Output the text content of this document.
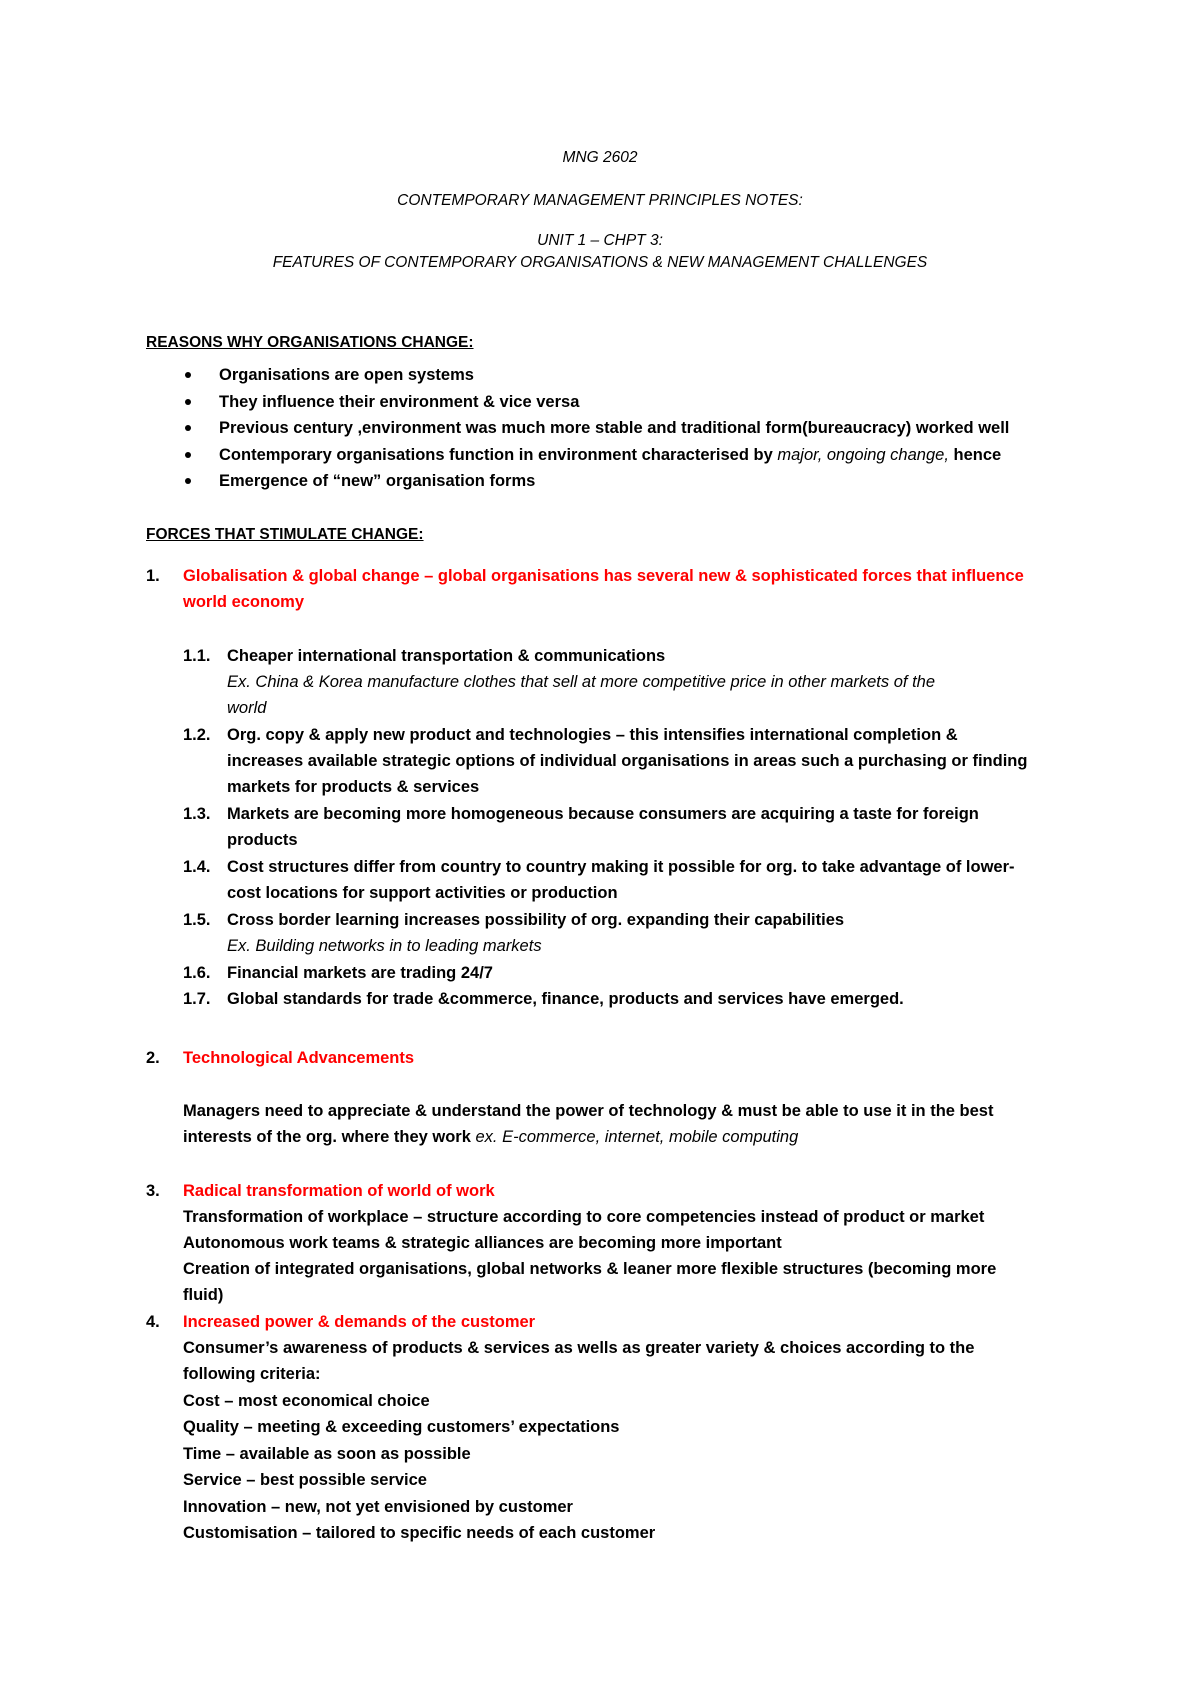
MNG 2602
CONTEMPORARY MANAGEMENT PRINCIPLES NOTES:
UNIT 1 – CHPT 3:
FEATURES OF CONTEMPORARY ORGANISATIONS & NEW MANAGEMENT CHALLENGES
REASONS WHY ORGANISATIONS CHANGE:
Organisations are open systems
They influence their environment & vice versa
Previous century ,environment was much more stable and traditional form(bureaucracy) worked well
Contemporary organisations function in environment characterised by major, ongoing change, hence
Emergence of “new” organisation forms
FORCES THAT STIMULATE CHANGE:
1. Globalisation & global change – global organisations has several new & sophisticated forces that influence
world economy
1.1. Cheaper international transportation & communications
Ex. China & Korea manufacture clothes that sell at more competitive price in other markets of the
world
1.2. Org. copy & apply new product and technologies – this intensifies international completion &
increases available strategic options of individual organisations in areas such a purchasing or finding
markets for products & services
1.3. Markets are becoming more homogeneous because consumers are acquiring a taste for foreign
products
1.4. Cost structures differ from country to country making it possible for org. to take advantage of lower-
cost locations for support activities or production
1.5. Cross border learning increases possibility of org. expanding their capabilities
Ex. Building networks in to leading markets
1.6. Financial markets are trading 24/7
1.7. Global standards for trade &commerce, finance, products and services have emerged.
2. Technological Advancements
Managers need to appreciate & understand the power of technology & must be able to use it in the best
interests of the org. where they work ex. E-commerce, internet, mobile computing
3. Radical transformation of world of work
Transformation of workplace – structure according to core competencies instead of product or market
Autonomous work teams & strategic alliances are becoming more important
Creation of integrated organisations, global networks & leaner more flexible structures (becoming more
fluid)
4. Increased power & demands of the customer
Consumer’s awareness of products & services as wells as greater variety & choices according to the
following criteria:
Cost – most economical choice
Quality – meeting & exceeding customers’ expectations
Time – available as soon as possible
Service – best possible service
Innovation – new, not yet envisioned by customer
Customisation – tailored to specific needs of each customer
